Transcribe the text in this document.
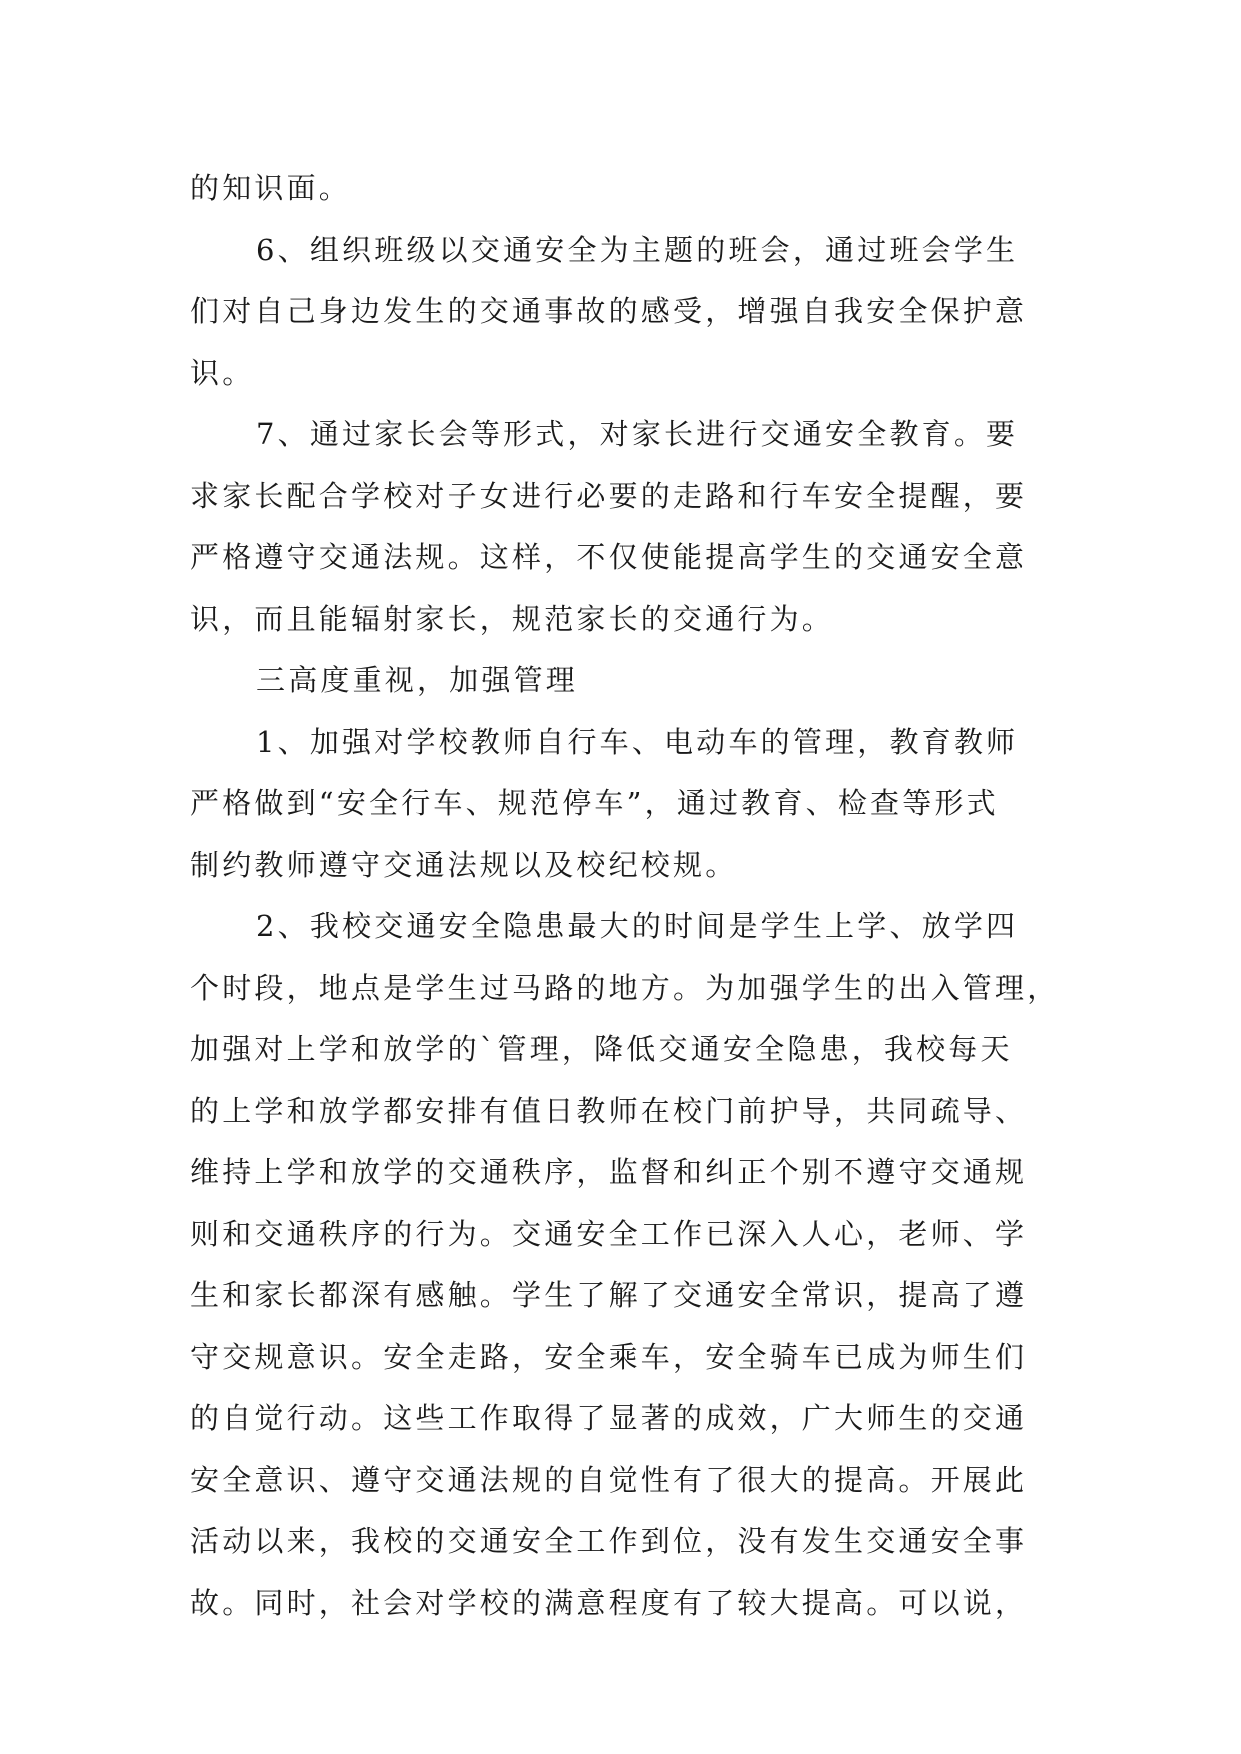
的知识面。
6、组织班级以交通安全为主题的班会，通过班会学生
们对自己身边发生的交通事故的感受，增强自我安全保护意
识。
7、通过家长会等形式，对家长进行交通安全教育。要
求家长配合学校对子女进行必要的走路和行车安全提醒，要
严格遵守交通法规。这样，不仅使能提高学生的交通安全意
识，而且能辐射家长，规范家长的交通行为。
三高度重视，加强管理
1、加强对学校教师自行车、电动车的管理，教育教师
严格做到“安全行车、规范停车”，通过教育、检查等形式
制约教师遵守交通法规以及校纪校规。
2、我校交通安全隐患最大的时间是学生上学、放学四
个时段，地点是学生过马路的地方。为加强学生的出入管理，
加强对上学和放学的`管理，降低交通安全隐患，我校每天
的上学和放学都安排有值日教师在校门前护导，共同疏导、
维持上学和放学的交通秩序，监督和纠正个别不遵守交通规
则和交通秩序的行为。交通安全工作已深入人心，老师、学
生和家长都深有感触。学生了解了交通安全常识，提高了遵
守交规意识。安全走路，安全乘车，安全骑车已成为师生们
的自觉行动。这些工作取得了显著的成效，广大师生的交通
安全意识、遵守交通法规的自觉性有了很大的提高。开展此
活动以来，我校的交通安全工作到位，没有发生交通安全事
故。同时，社会对学校的满意程度有了较大提高。可以说，
